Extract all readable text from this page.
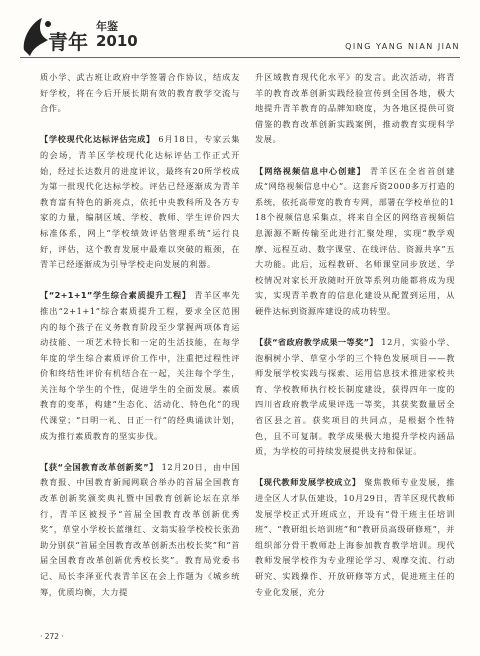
青年
年鉴
2010	QING YANG NIAN JIAN

质小学、武古班让政府中学签署合作协议，结成友好学校，将在今后开展长期有效的教育教学交流与合作。

【学校现代化达标评估完成】 6月18日，专家云集的会场，青羊区学校现代化达标评估工作正式开始，经过长达数月的进度评议，最终有20所学校成为第一批现代化达标学校。评估已经逐渐成为青羊教育富有特色的新亮点，依托中央教科所及各方专家的力量，编制区域、学校、教师、学生评价四大标准体系，网上“学校绩效评估管理系统”运行良好，评估，这个教育发展中最难以突破的瓶颈，在青羊已经逐渐成为引导学校走向发展的利器。

【“2+1+1”学生综合素质提升工程】 青羊区率先推出“2+1+1”综合素质提升工程，要求全区范围内的每个孩子在义务教育阶段至少掌握两项体育运动技能、一项艺术特长和一定的生活技能，在每学年度的学生综合素质评价工作中，注重把过程性评价和终结性评价有机结合在一起，关注每个学生，关注每个学生的个性，促进学生的全面发展。素质教育的变革，构建“生态化、活动化、特色化”的现代课堂；“日明一礼、日正一行”的经典诵读计划，成为推行素质教育的坚实步伐。

【获“全国教育改革创新奖”】 12月20日，由中国教育报、中国教育新闻网联合举办的首届全国教育改革创新奖颁奖典礼暨中国教育创新论坛在京举行，青羊区被授予“首届全国教育改革创新优秀奖”，草堂小学校长蓝继红、文翁实验学校校长张劲助分别获“首届全国教育改革创新杰出校长奖”和“首届全国教育改革创新优秀校长奖”。教育局党委书记、局长李泽亚代表青羊区在会上作题为《城乡统筹，优质均衡，大力提

升区域教育现代化水平》的发言。此次活动，将青羊的教育改革创新实践经验宣传到全国各地，极大地提升青羊教育的品牌知晓度，为各地区提供可资借鉴的教育改革创新实践案例，推动教育实现科学发展。

【网络视频信息中心创建】 青羊区在全省首创建成“网络视频信息中心”。这套斥资2000多万打造的系统，依托高带宽的教育专网，部署在学校单位的118个视频信息采集点，将来自全区的网络音视频信息源源不断传输至此进行汇聚处理，实现“教学观摩、远程互动、数字课堂、在线评估、资源共享”五大功能。此后，远程教研、名师课堂同步放送、学校情况对家长开放随时开放等系列功能都将成为现实，实现青羊教育的信息化建设从配置到运用，从硬件达标到资源库建设的成功转型。

【获“省政府教学成果一等奖”】 12月，实验小学、泡桐树小学、草堂小学的三个特色发展项目——教师发展学校实践与探索、运用信息技术推进家校共育、学校教师执行校长制度建设，获得四年一度的四川省政府教学成果评选一等奖，其获奖数量居全省区县之首。获奖项目的共同点，是根据个性特色，且不可复制。教学成果极大地提升学校内涵品质，为学校的可持续发展提供支持和保证。

【现代教师发展学校成立】 聚焦教师专业发展，推进全区人才队伍建设，10月29日，青羊区现代教师发展学校正式开班成立，开设有“骨干班主任培训班”、“教研组长培训班”和“教研员高级研修班”，并组织部分骨干教师赴上海参加教育教学培训。现代教师发展学校作为专业理论学习、观摩交流、行动研究、实践操作、开放研修等方式，促进班主任的专业化发展，充分

· 272 ·
